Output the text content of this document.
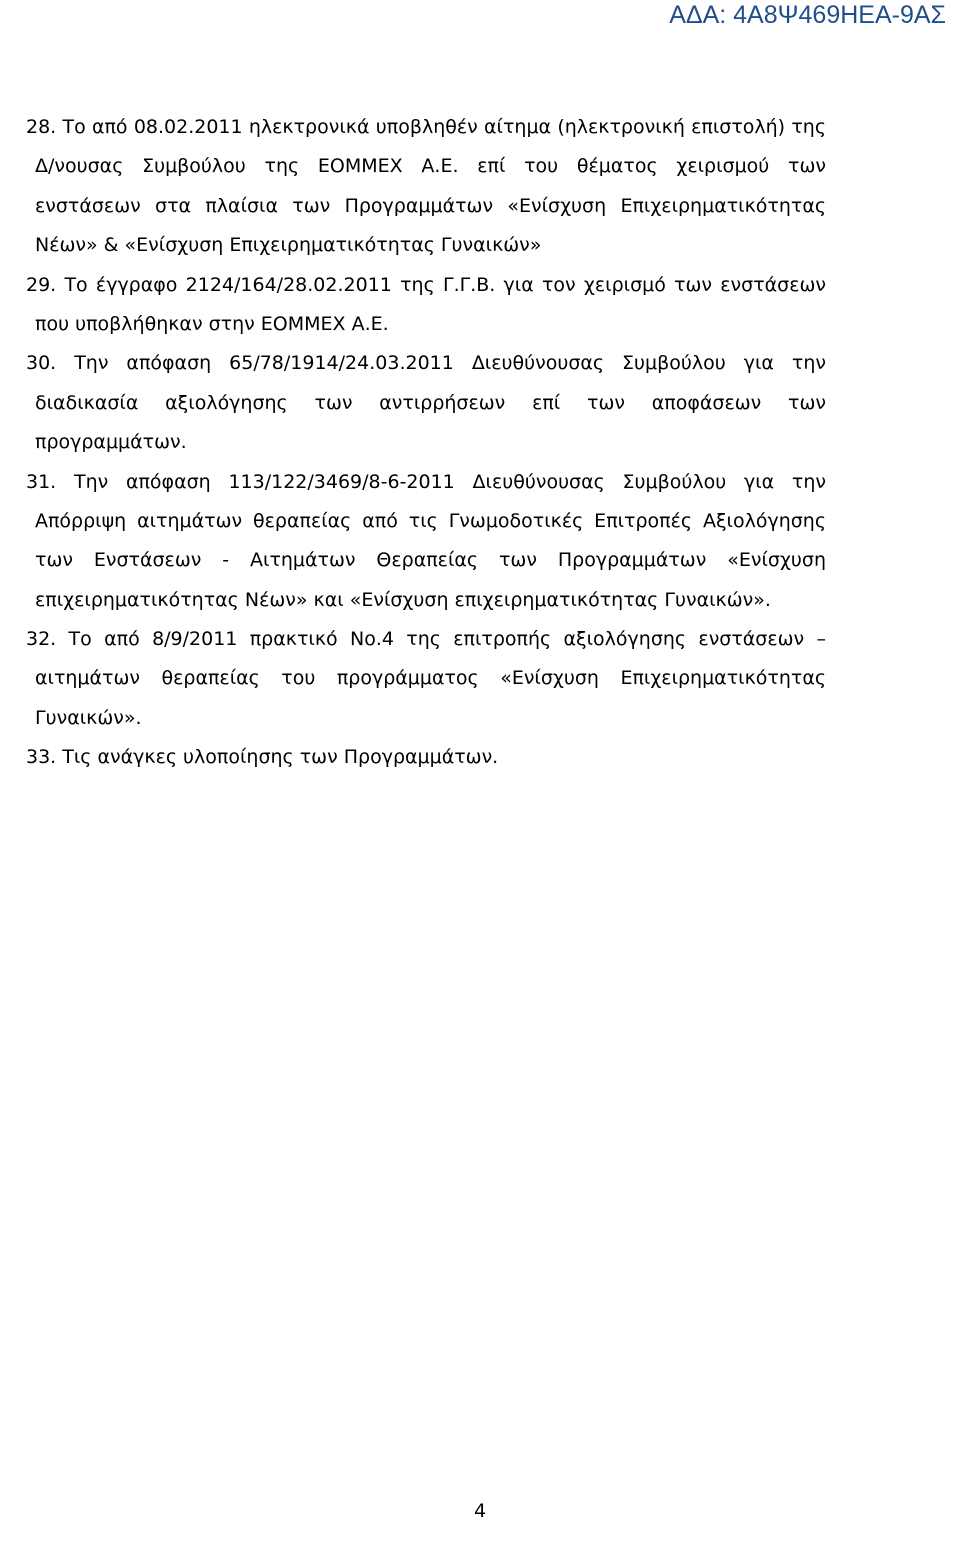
ΑΔΑ: 4Α8Ψ469ΗΕΑ-9ΑΣ
28. Το από 08.02.2011 ηλεκτρονικά υποβληθέν αίτημα (ηλεκτρονική επιστολή) της
Δ/νουσας Συμβούλου της ΕΟΜΜΕΧ Α.Ε. επί του θέματος χειρισμού των
ενστάσεων στα πλαίσια των Προγραμμάτων «Ενίσχυση Επιχειρηματικότητας
Νέων» & «Ενίσχυση Επιχειρηματικότητας Γυναικών»
29. Το έγγραφο 2124/164/28.02.2011 της Γ.Γ.Β. για τον χειρισμό των ενστάσεων
που υποβλήθηκαν στην ΕΟΜΜΕΧ Α.Ε.
30. Την απόφαση 65/78/1914/24.03.2011 Διευθύνουσας Συμβούλου για την
διαδικασία αξιολόγησης των αντιρρήσεων επί των αποφάσεων των
προγραμμάτων.
31. Την απόφαση 113/122/3469/8-6-2011 Διευθύνουσας Συμβούλου για την
Απόρριψη αιτημάτων θεραπείας από τις Γνωμοδοτικές Επιτροπές Αξιολόγησης
των Ενστάσεων - Αιτημάτων Θεραπείας των Προγραμμάτων «Ενίσχυση
επιχειρηματικότητας Νέων» και «Ενίσχυση επιχειρηματικότητας Γυναικών».
32. Το από 8/9/2011 πρακτικό Νο.4 της επιτροπής αξιολόγησης ενστάσεων –
αιτημάτων θεραπείας του προγράμματος «Ενίσχυση Επιχειρηματικότητας
Γυναικών».
33. Τις ανάγκες υλοποίησης των Προγραμμάτων.
4
